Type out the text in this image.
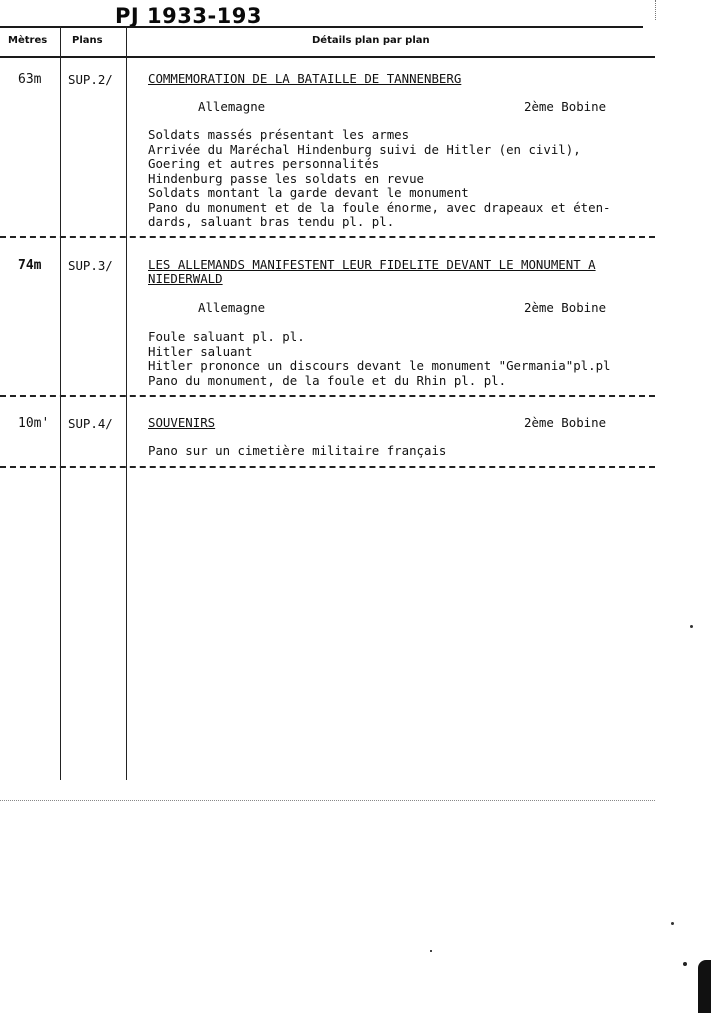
PJ 1933-193
Mètres Plans	Détails plan par plan
63m SUP.2/	COMMEMORATION DE LA BATAILLE DE TANNENBERG
Allemagne	2ème Bobine
Soldats massés présentant les armes
Arrivée du Maréchal Hindenburg suivi de Hitler (en civil),
Goering et autres personnalités
Hindenburg passe les soldats en revue
Soldats montant la garde devant le monument
Pano du monument et de la foule énorme, avec drapeaux et éten-
dards, saluant bras tendu pl. pl.
74m SUP.3/	LES ALLEMANDS MANIFESTENT LEUR FIDELITE DEVANT LE MONUMENT A
NIEDERWALD
Allemagne	2ème Bobine
Foule saluant pl. pl.
Hitler saluant
Hitler prononce un discours devant le monument "Germania"pl.pl
Pano du monument, de la foule et du Rhin pl. pl.
10m' SUP.4/	SOUVENIRS	2ème Bobine
Pano sur un cimetière militaire français
